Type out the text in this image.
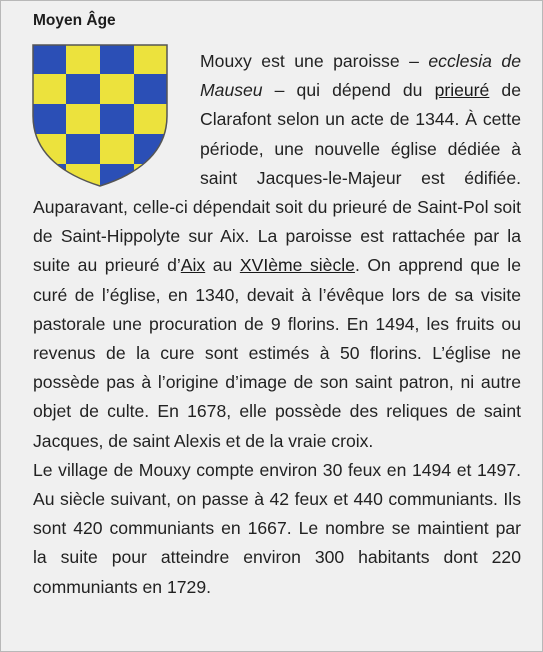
Moyen Âge

Mouxy est une paroisse – ecclesia de Mauseu – qui dépend du prieuré de Clarafont selon un acte de 1344. À cette période, une nouvelle église dédiée à saint Jacques-le-Majeur est édifiée. Auparavant, celle-ci dépendait soit du prieuré de Saint-Pol soit de Saint-Hippolyte sur Aix. La paroisse est rattachée par la suite au prieuré d’Aix au XVIème siècle. On apprend que le curé de l’église, en 1340, devait à l’évêque lors de sa visite pastorale une procuration de 9 florins. En 1494, les fruits ou revenus de la cure sont estimés à 50 florins. L’église ne possède pas à l’origine d’image de son saint patron, ni autre objet de culte. En 1678, elle possède des reliques de saint Jacques, de saint Alexis et de la vraie croix.

Le village de Mouxy compte environ 30 feux en 1494 et 1497. Au siècle suivant, on passe à 42 feux et 440 communiants. Ils sont 420 communiants en 1667. Le nombre se maintient par la suite pour atteindre environ 300 habitants dont 220 communiants en 1729.
